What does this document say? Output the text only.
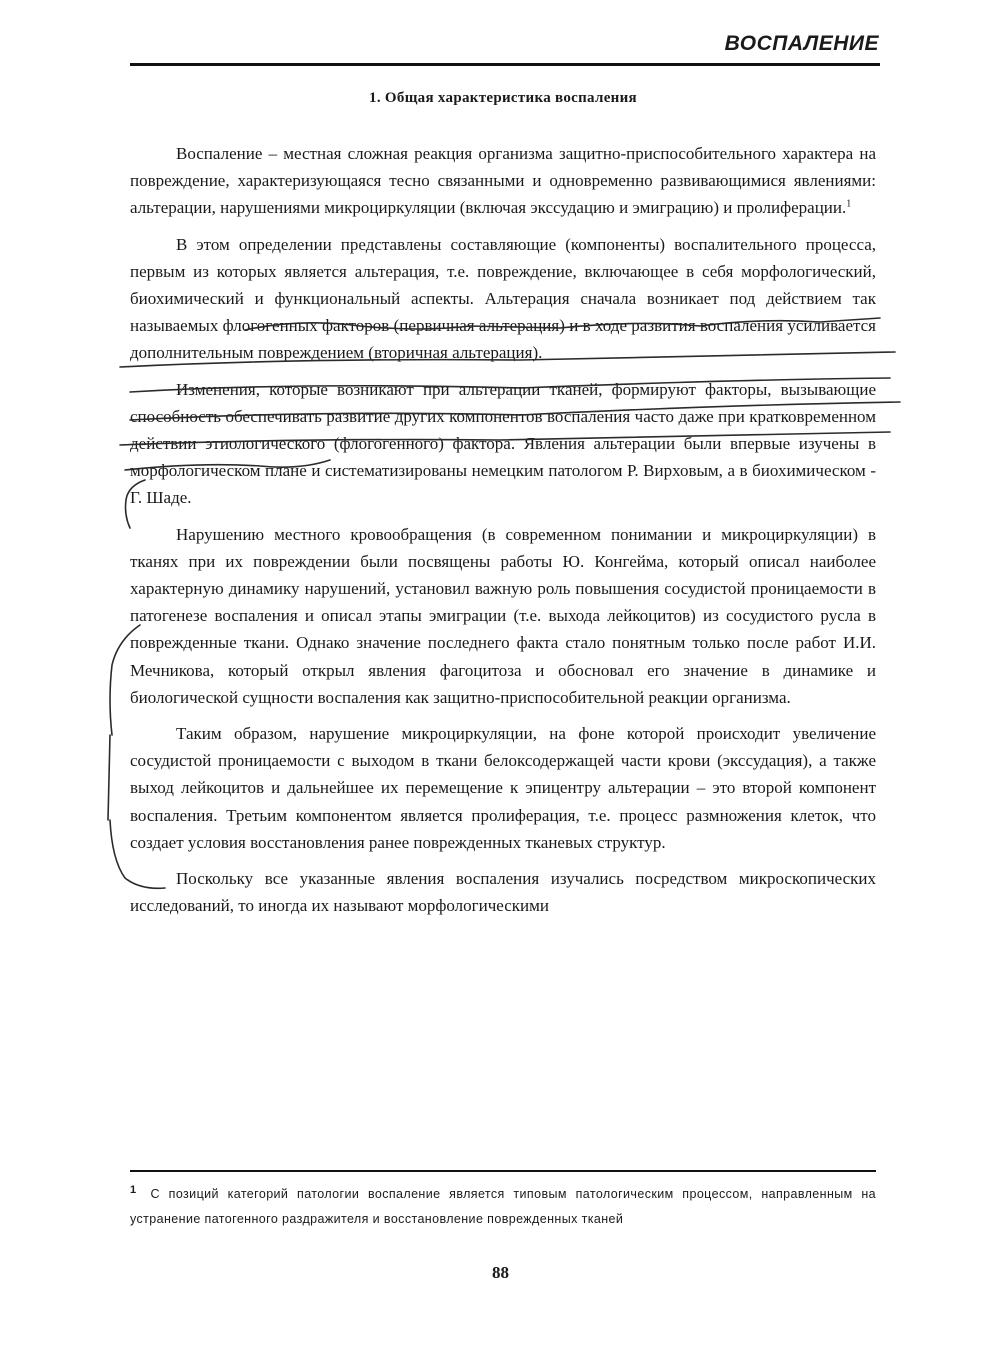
ВОСПАЛЕНИЕ
1. Общая характеристика воспаления

Воспаление – местная сложная реакция организма защитно-приспособительного характера на повреждение, характеризующаяся тесно связанными и одновременно развивающимися явлениями: альтерации, нарушениями микроциркуляции (включая экссудацию и эмиграцию) и пролиферации.$^1$

В этом определении представлены составляющие (компоненты) воспалительного процесса, первым из которых является альтерация, т.е. повреждение, включающее в себя морфологический, биохимический и функциональный аспекты. Альтерация сначала возникает под действием так называемых флогогенных факторов (первичная альтерация) и в ходе развития воспаления усиливается дополнительным повреждением (вторичная альтерация).

Изменения, которые возникают при альтерации тканей, формируют факторы, вызывающие способность обеспечивать развитие других компонентов воспаления часто даже при кратковременном действии этиологического (флогогенного) фактора. Явления альтерации были впервые изучены в морфологическом плане и систематизированы немецким патологом Р. Вирховым, а в биохимическом - Г. Шаде.

Нарушению местного кровообращения (в современном понимании и микроциркуляции) в тканях при их повреждении были посвящены работы Ю. Конгейма, который описал наиболее характерную динамику нарушений, установил важную роль повышения сосудистой проницаемости в патогенезе воспаления и описал этапы эмиграции (т.е. выхода лейкоцитов) из сосудистого русла в поврежденные ткани. Однако значение последнего факта стало понятным только после работ И.И. Мечникова, который открыл явления фагоцитоза и обосновал его значение в динамике и биологической сущности воспаления как защитно-приспособительной реакции организма.

Таким образом, нарушение микроциркуляции, на фоне которой происходит увеличение сосудистой проницаемости с выходом в ткани белоксодержащей части крови (экссудация), а также выход лейкоцитов и дальнейшее их перемещение к эпицентру альтерации – это второй компонент воспаления. Третьим компонентом является пролиферация, т.е. процесс размножения клеток, что создает условия восстановления ранее поврежденных тканевых структур.

Поскольку все указанные явления воспаления изучались посредством микроскопических исследований, то иногда их называют морфологическими

1 С позиций категорий патологии воспаление является типовым патологическим процессом, направленным на устранение патогенного раздражителя и восстановление поврежденных тканей
88
